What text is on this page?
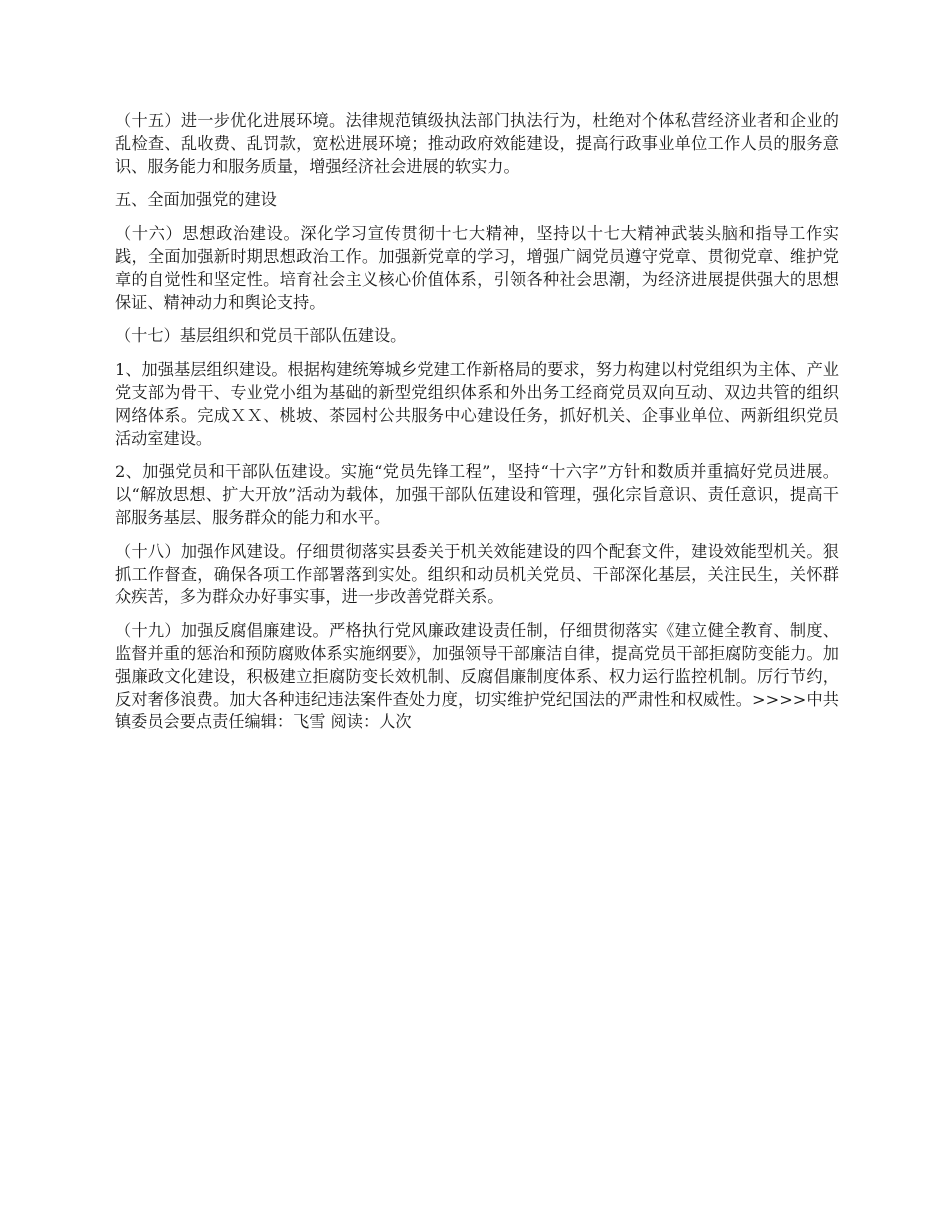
（十五）进一步优化进展环境。法律规范镇级执法部门执法行为，杜绝对个体私营经济业者和企业的乱检查、乱收费、乱罚款，宽松进展环境；推动政府效能建设，提高行政事业单位工作人员的服务意识、服务能力和服务质量，增强经济社会进展的软实力。

五、全面加强党的建设

（十六）思想政治建设。深化学习宣传贯彻十七大精神，坚持以十七大精神武装头脑和指导工作实践，全面加强新时期思想政治工作。加强新党章的学习，增强广阔党员遵守党章、贯彻党章、维护党章的自觉性和坚定性。培育社会主义核心价值体系，引领各种社会思潮，为经济进展提供强大的思想保证、精神动力和舆论支持。

（十七）基层组织和党员干部队伍建设。

1、加强基层组织建设。根据构建统筹城乡党建工作新格局的要求，努力构建以村党组织为主体、产业党支部为骨干、专业党小组为基础的新型党组织体系和外出务工经商党员双向互动、双边共管的组织网络体系。完成ＸＸ、桃坡、茶园村公共服务中心建设任务，抓好机关、企事业单位、两新组织党员活动室建设。

2、加强党员和干部队伍建设。实施“党员先锋工程”，坚持“十六字”方针和数质并重搞好党员进展。以“解放思想、扩大开放”活动为载体，加强干部队伍建设和管理，强化宗旨意识、责任意识，提高干部服务基层、服务群众的能力和水平。

（十八）加强作风建设。仔细贯彻落实县委关于机关效能建设的四个配套文件，建设效能型机关。狠抓工作督查，确保各项工作部署落到实处。组织和动员机关党员、干部深化基层，关注民生，关怀群众疾苦，多为群众办好事实事，进一步改善党群关系。

（十九）加强反腐倡廉建设。严格执行党风廉政建设责任制，仔细贯彻落实《建立健全教育、制度、监督并重的惩治和预防腐败体系实施纲要》，加强领导干部廉洁自律，提高党员干部拒腐防变能力。加强廉政文化建设，积极建立拒腐防变长效机制、反腐倡廉制度体系、权力运行监控机制。厉行节约，反对奢侈浪费。加大各种违纪违法案件查处力度，切实维护党纪国法的严肃性和权威性。>>>>中共镇委员会要点责任编辑：飞雪 阅读：人次
